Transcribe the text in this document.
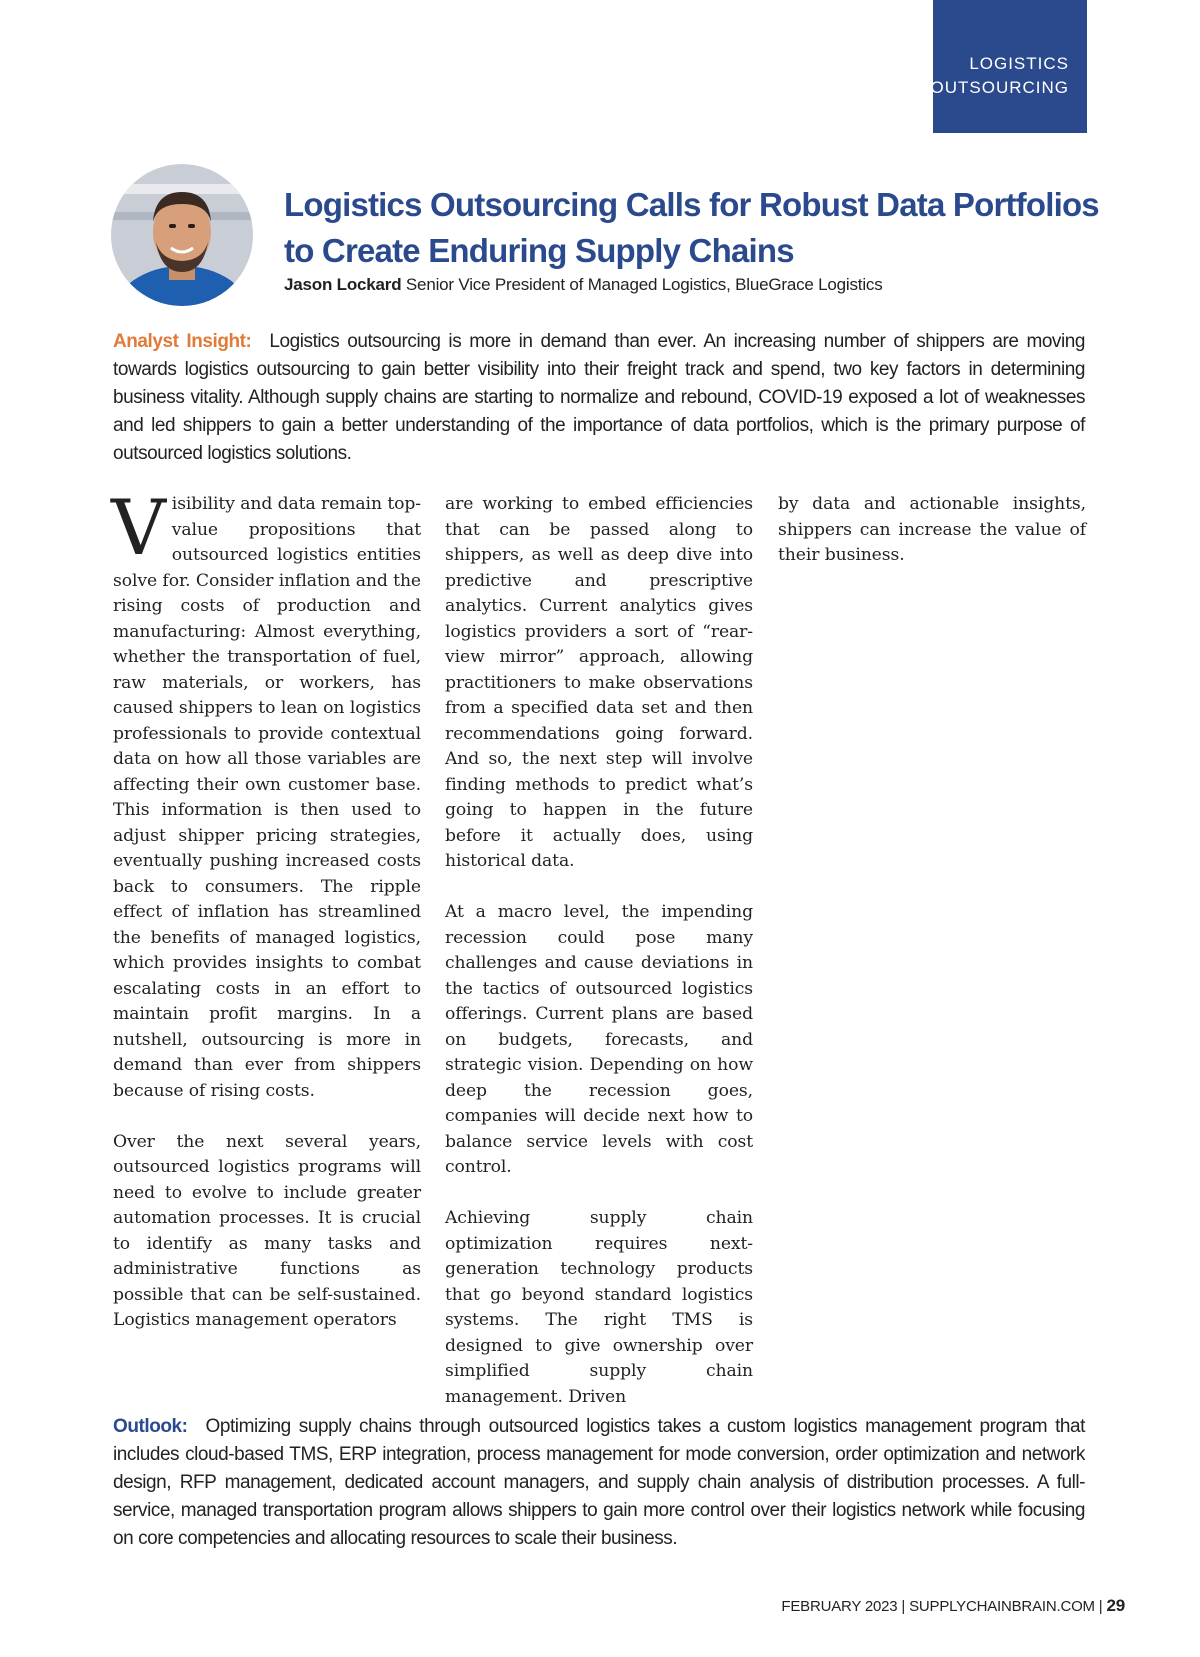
LOGISTICS
OUTSOURCING
Logistics Outsourcing Calls for Robust Data Portfolios to Create Enduring Supply Chains
Jason Lockard Senior Vice President of Managed Logistics, BlueGrace Logistics

Analyst Insight: Logistics outsourcing is more in demand than ever. An increasing number of shippers are moving towards logistics outsourcing to gain better visibility into their freight track and spend, two key factors in determining business vitality. Although supply chains are starting to normalize and rebound, COVID-19 exposed a lot of weaknesses and led shippers to gain a better understanding of the importance of data portfolios, which is the primary purpose of outsourced logistics solutions.

Visibility and data remain top-value propositions that outsourced logistics entities solve for. Consider inflation and the rising costs of production and manufacturing: Almost everything, whether the transportation of fuel, raw materials, or workers, has caused shippers to lean on logistics professionals to provide contextual data on how all those variables are affecting their own customer base. This information is then used to adjust shipper pricing strategies, eventually pushing increased costs back to consumers. The ripple effect of inflation has streamlined the benefits of managed logistics, which provides insights to combat escalating costs in an effort to maintain profit margins. In a nutshell, outsourcing is more in demand than ever from shippers because of rising costs.

Over the next several years, outsourced logistics programs will need to evolve to include greater automation processes. It is crucial to identify as many tasks and administrative functions as possible that can be self-sustained. Logistics management operators

are working to embed efficiencies that can be passed along to shippers, as well as deep dive into predictive and prescriptive analytics. Current analytics gives logistics providers a sort of “rear-view mirror” approach, allowing practitioners to make observations from a specified data set and then recommendations going forward. And so, the next step will involve finding methods to predict what’s going to happen in the future before it actually does, using historical data.

At a macro level, the impending recession could pose many challenges and cause deviations in the tactics of outsourced logistics offerings. Current plans are based on budgets, forecasts, and strategic vision. Depending on how deep the recession goes, companies will decide next how to balance service levels with cost control.

Achieving supply chain optimization requires next-generation technology products that go beyond standard logistics systems. The right TMS is designed to give ownership over simplified supply chain management. Driven

by data and actionable insights, shippers can increase the value of their business.

Outlook: Optimizing supply chains through outsourced logistics takes a custom logistics management program that includes cloud-based TMS, ERP integration, process management for mode conversion, order optimization and network design, RFP management, dedicated account managers, and supply chain analysis of distribution processes. A full-service, managed transportation program allows shippers to gain more control over their logistics network while focusing on core competencies and allocating resources to scale their business.

FEBRUARY 2023 | SUPPLYCHAINBRAIN.COM | 29
